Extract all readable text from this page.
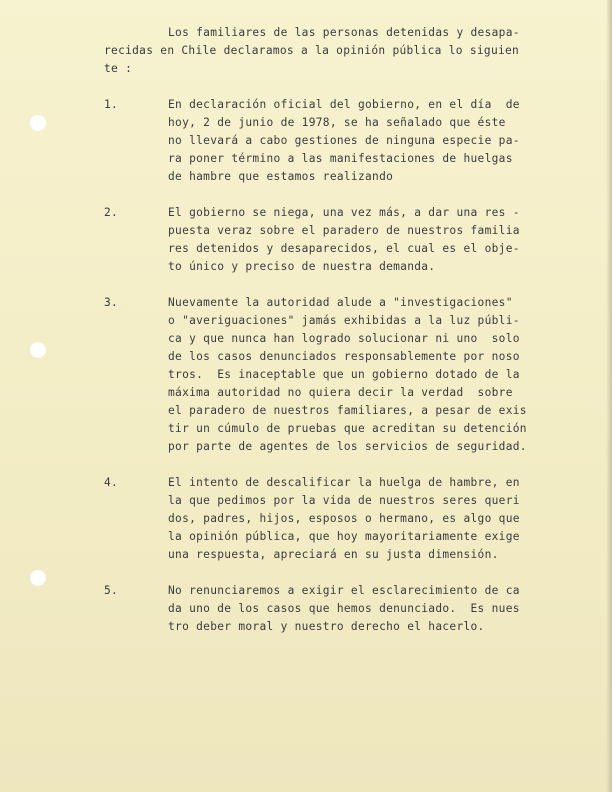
Los familiares de las personas detenidas y desapa-

recidas en Chile declaramos a la opinión pública lo siguien

te :

1.

	En declaración oficial del gobierno, en el día  de

hoy, 2 de junio de 1978, se ha señalado que éste

no llevará a cabo gestiones de ninguna especie pa-

ra poner término a las manifestaciones de huelgas

de hambre que estamos realizando

2.

	El gobierno se niega, una vez más, a dar una res -

puesta veraz sobre el paradero de nuestros familia

res detenidos y desaparecidos, el cual es el obje-

to único y preciso de nuestra demanda.

3.

	Nuevamente la autoridad alude a "investigaciones"

o "averiguaciones" jamás exhibidas a la luz públi-

ca y que nunca han logrado solucionar ni uno  solo

de los casos denunciados responsablemente por noso

tros.  Es inaceptable que un gobierno dotado de la

máxima autoridad no quiera decir la verdad  sobre

el paradero de nuestros familiares, a pesar de exis

tir un cúmulo de pruebas que acreditan su detención

por parte de agentes de los servicios de seguridad.

4.

	El intento de descalificar la huelga de hambre, en

la que pedimos por la vida de nuestros seres queri

dos, padres, hijos, esposos o hermano, es algo que

la opinión pública, que hoy mayoritariamente exige

una respuesta, apreciará en su justa dimensión.

5.

	No renunciaremos a exigir el esclarecimiento de ca

da uno de los casos que hemos denunciado.  Es nues

tro deber moral y nuestro derecho el hacerlo.
